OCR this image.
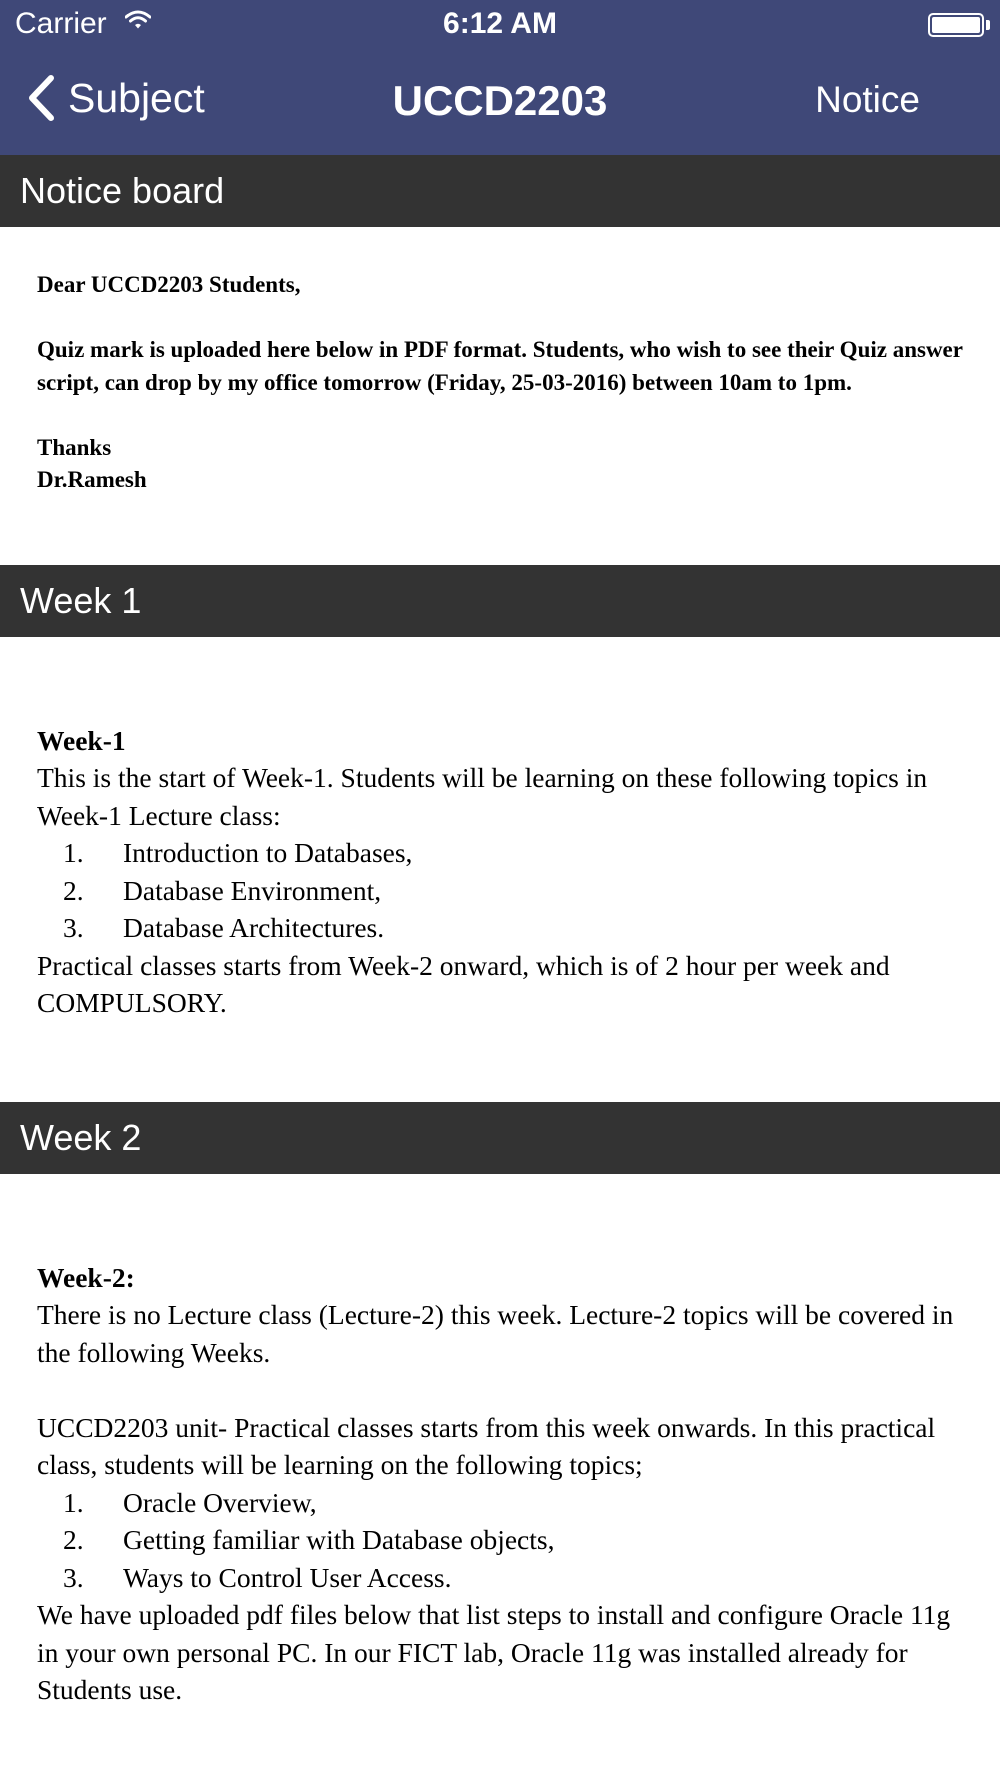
Carrier	6:12 AM
Subject	UCCD2203	Notice
Notice board

Dear UCCD2203 Students,

Quiz mark is uploaded here below in PDF format. Students, who wish to see their Quiz answer script, can drop by my office tomorrow (Friday, 25-03-2016) between 10am to 1pm.

Thanks
Dr.Ramesh
Week 1
Week-1
This is the start of Week-1. Students will be learning on these following topics in Week-1 Lecture class:
1.	Introduction to Databases,
2.	Database Environment,
3.	Database Architectures.
Practical classes starts from Week-2 onward, which is of 2 hour per week and COMPULSORY.
Week 2
Week-2:
There is no Lecture class (Lecture-2) this week. Lecture-2 topics will be covered in the following Weeks.
UCCD2203 unit- Practical classes starts from this week onwards. In this practical class, students will be learning on the following topics;
1.	Oracle Overview,
2.	Getting familiar with Database objects,
3.	Ways to Control User Access.
We have uploaded pdf files below that list steps to install and configure Oracle 11g in your own personal PC. In our FICT lab, Oracle 11g was installed already for Students use.
